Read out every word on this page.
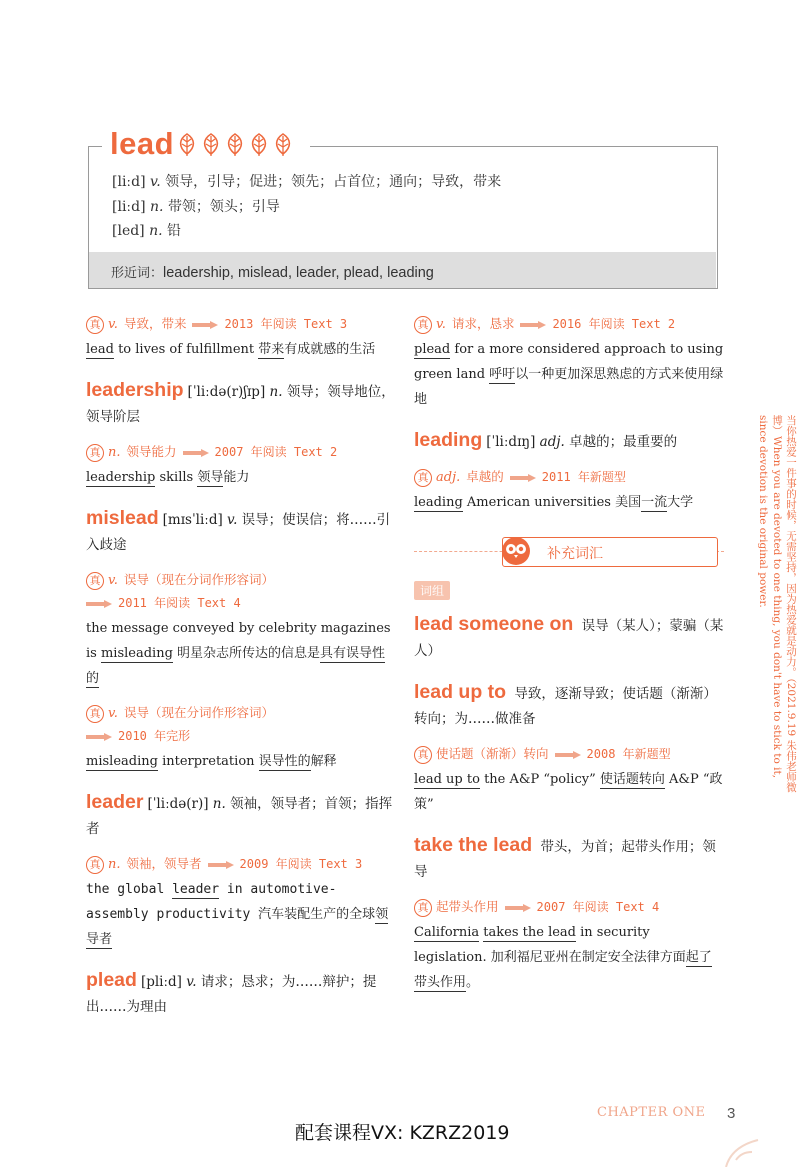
lead
[liːd] v. 领导，引导；促进；领先；占首位；通向；导致，带来
[liːd] n. 带领；领头；引导
[led] n. 铅
形近词：leadership, mislead, leader, plead, leading
真 v. 导致，带来	2013 年阅读 Text 3
lead to lives of fulfillment 带来有成就感的生活
leadership [ˈliːdə(r)ʃɪp] n. 领导；领导地位，领导阶层
真 n. 领导能力	2007 年阅读 Text 2
leadership skills 领导能力
mislead [mɪsˈliːd] v. 误导；使误信；将……引入歧途
真 v. 误导（现在分词作形容词）
2011 年阅读 Text 4
the message conveyed by celebrity magazines is misleading 明星杂志所传达的信息是具有误导性的
真 v. 误导（现在分词作形容词）
2010 年完形
misleading interpretation 误导性的解释
leader [ˈliːdə(r)] n. 领袖，领导者；首领；指挥者
真 n. 领袖，领导者	2009 年阅读 Text 3
the global leader in automotive-assembly productivity 汽车装配生产的全球领导者
plead [pliːd] v. 请求；恳求；为……辩护；提出……为理由
真 v. 请求，恳求	2016 年阅读 Text 2
plead for a more considered approach to using green land 呼吁以一种更加深思熟虑的方式来使用绿地
leading [ˈliːdɪŋ] adj. 卓越的；最重要的
真 adj. 卓越的	2011 年新题型
leading American universities 美国一流大学
补充词汇
词组
lead someone on 误导（某人）；蒙骗（某人）
lead up to 导致，逐渐导致；使话题（渐渐）转向；为……做准备
真 使话题（渐渐）转向	2008 年新题型
lead up to the A&P “policy” 使话题转向 A&P “政策”
take the lead 带头，为首；起带头作用；领导
真 起带头作用	2007 年阅读 Text 4
California takes the lead in security legislation. 加利福尼亚州在制定安全法律方面起了带头作用。
当你热爱一件事的时候，无需坚持，因为热爱就是动力。（2021.9.19 朱伟老师微博）When you are devoted to one thing, you don't have to stick to it, since devotion is the original power.
CHAPTER ONE 3
配套课程VX: KZRZ2019
